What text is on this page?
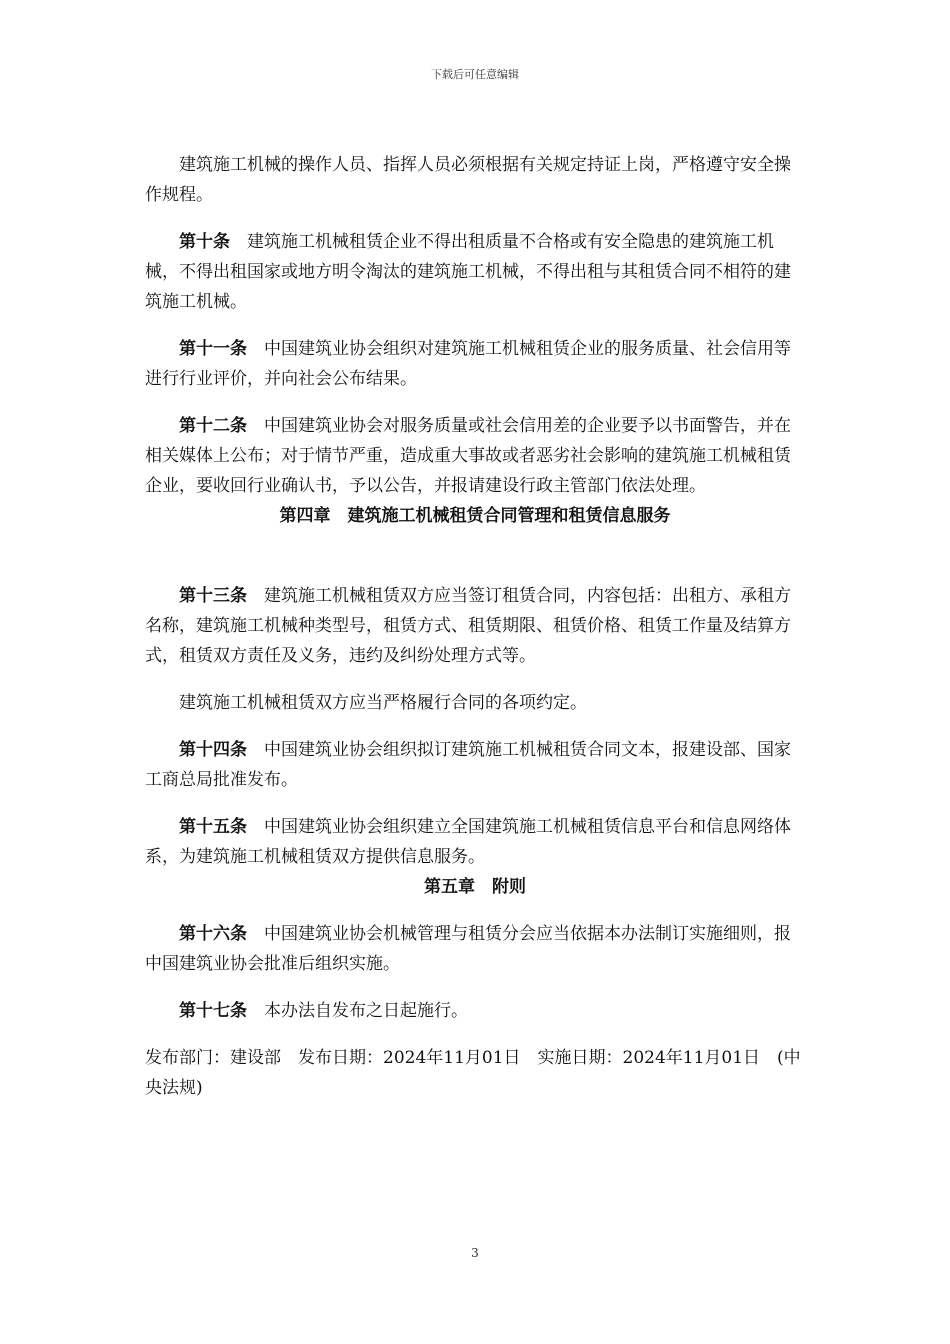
下载后可任意编辑

建筑施工机械的操作人员、指挥人员必须根据有关规定持证上岗，严格遵守安全操作规程。

第十条 建筑施工机械租赁企业不得出租质量不合格或有安全隐患的建筑施工机械，不得出租国家或地方明令淘汰的建筑施工机械，不得出租与其租赁合同不相符的建筑施工机械。

第十一条 中国建筑业协会组织对建筑施工机械租赁企业的服务质量、社会信用等进行行业评价，并向社会公布结果。

第十二条 中国建筑业协会对服务质量或社会信用差的企业要予以书面警告，并在相关媒体上公布；对于情节严重，造成重大事故或者恶劣社会影响的建筑施工机械租赁企业，要收回行业确认书，予以公告，并报请建设行政主管部门依法处理。

第四章　建筑施工机械租赁合同管理和租赁信息服务

第十三条 建筑施工机械租赁双方应当签订租赁合同，内容包括：出租方、承租方名称，建筑施工机械种类型号，租赁方式、租赁期限、租赁价格、租赁工作量及结算方式，租赁双方责任及义务，违约及纠纷处理方式等。

建筑施工机械租赁双方应当严格履行合同的各项约定。

第十四条 中国建筑业协会组织拟订建筑施工机械租赁合同文本，报建设部、国家工商总局批准发布。

第十五条 中国建筑业协会组织建立全国建筑施工机械租赁信息平台和信息网络体系，为建筑施工机械租赁双方提供信息服务。

第五章　附则

第十六条 中国建筑业协会机械管理与租赁分会应当依据本办法制订实施细则，报中国建筑业协会批准后组织实施。

第十七条 本办法自发布之日起施行。

发布部门：建设部　发布日期：2024年11月01日　实施日期：2024年11月01日　(中央法规)

3
